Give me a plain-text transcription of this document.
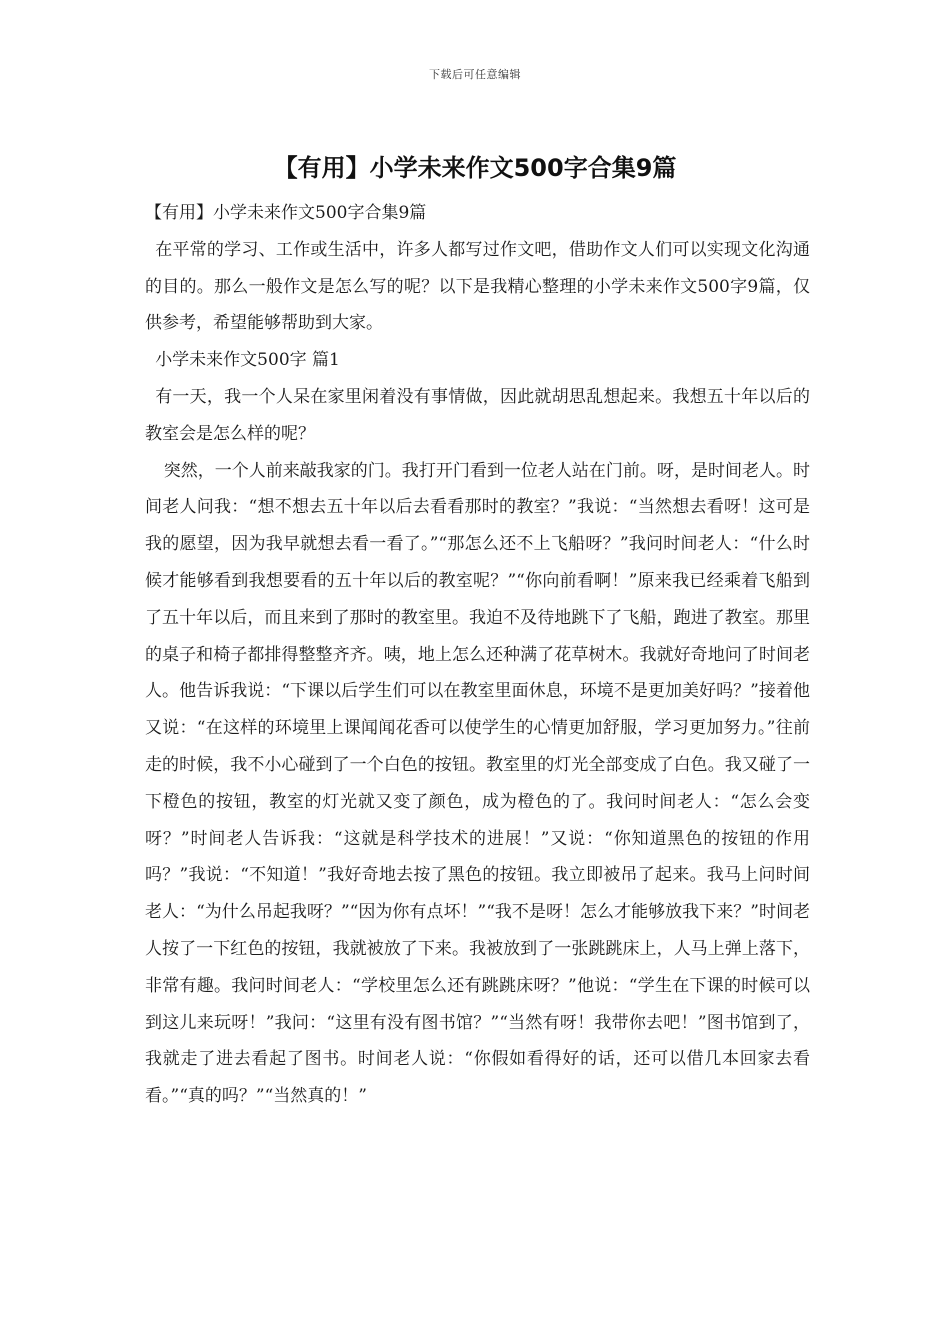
下载后可任意编辑
【有用】小学未来作文500字合集9篇

【有用】小学未来作文500字合集9篇

在平常的学习、工作或生活中，许多人都写过作文吧，借助作文人们可以实现文化沟通的目的。那么一般作文是怎么写的呢？以下是我精心整理的小学未来作文500字9篇，仅供参考，希望能够帮助到大家。

小学未来作文500字 篇1

有一天，我一个人呆在家里闲着没有事情做，因此就胡思乱想起来。我想五十年以后的教室会是怎么样的呢？

突然，一个人前来敲我家的门。我打开门看到一位老人站在门前。呀，是时间老人。时间老人问我：“想不想去五十年以后去看看那时的教室？”我说：“当然想去看呀！这可是我的愿望，因为我早就想去看一看了。”“那怎么还不上飞船呀？”我问时间老人：“什么时候才能够看到我想要看的五十年以后的教室呢？”“你向前看啊！”原来我已经乘着飞船到了五十年以后，而且来到了那时的教室里。我迫不及待地跳下了飞船，跑进了教室。那里的桌子和椅子都排得整整齐齐。咦，地上怎么还种满了花草树木。我就好奇地问了时间老人。他告诉我说：“下课以后学生们可以在教室里面休息，环境不是更加美好吗？”接着他又说：“在这样的环境里上课闻闻花香可以使学生的心情更加舒服，学习更加努力。”往前走的时候，我不小心碰到了一个白色的按钮。教室里的灯光全部变成了白色。我又碰了一下橙色的按钮，教室的灯光就又变了颜色，成为橙色的了。我问时间老人：“怎么会变呀？”时间老人告诉我：“这就是科学技术的进展！”又说：“你知道黑色的按钮的作用吗？”我说：“不知道！”我好奇地去按了黑色的按钮。我立即被吊了起来。我马上问时间老人：“为什么吊起我呀？”“因为你有点坏！”“我不是呀！怎么才能够放我下来？”时间老人按了一下红色的按钮，我就被放了下来。我被放到了一张跳跳床上，人马上弹上落下，非常有趣。我问时间老人：“学校里怎么还有跳跳床呀？”他说：“学生在下课的时候可以到这儿来玩呀！”我问：“这里有没有图书馆？”“当然有呀！我带你去吧！”图书馆到了，我就走了进去看起了图书。时间老人说：“你假如看得好的话，还可以借几本回家去看看。”“真的吗？”“当然真的！”
